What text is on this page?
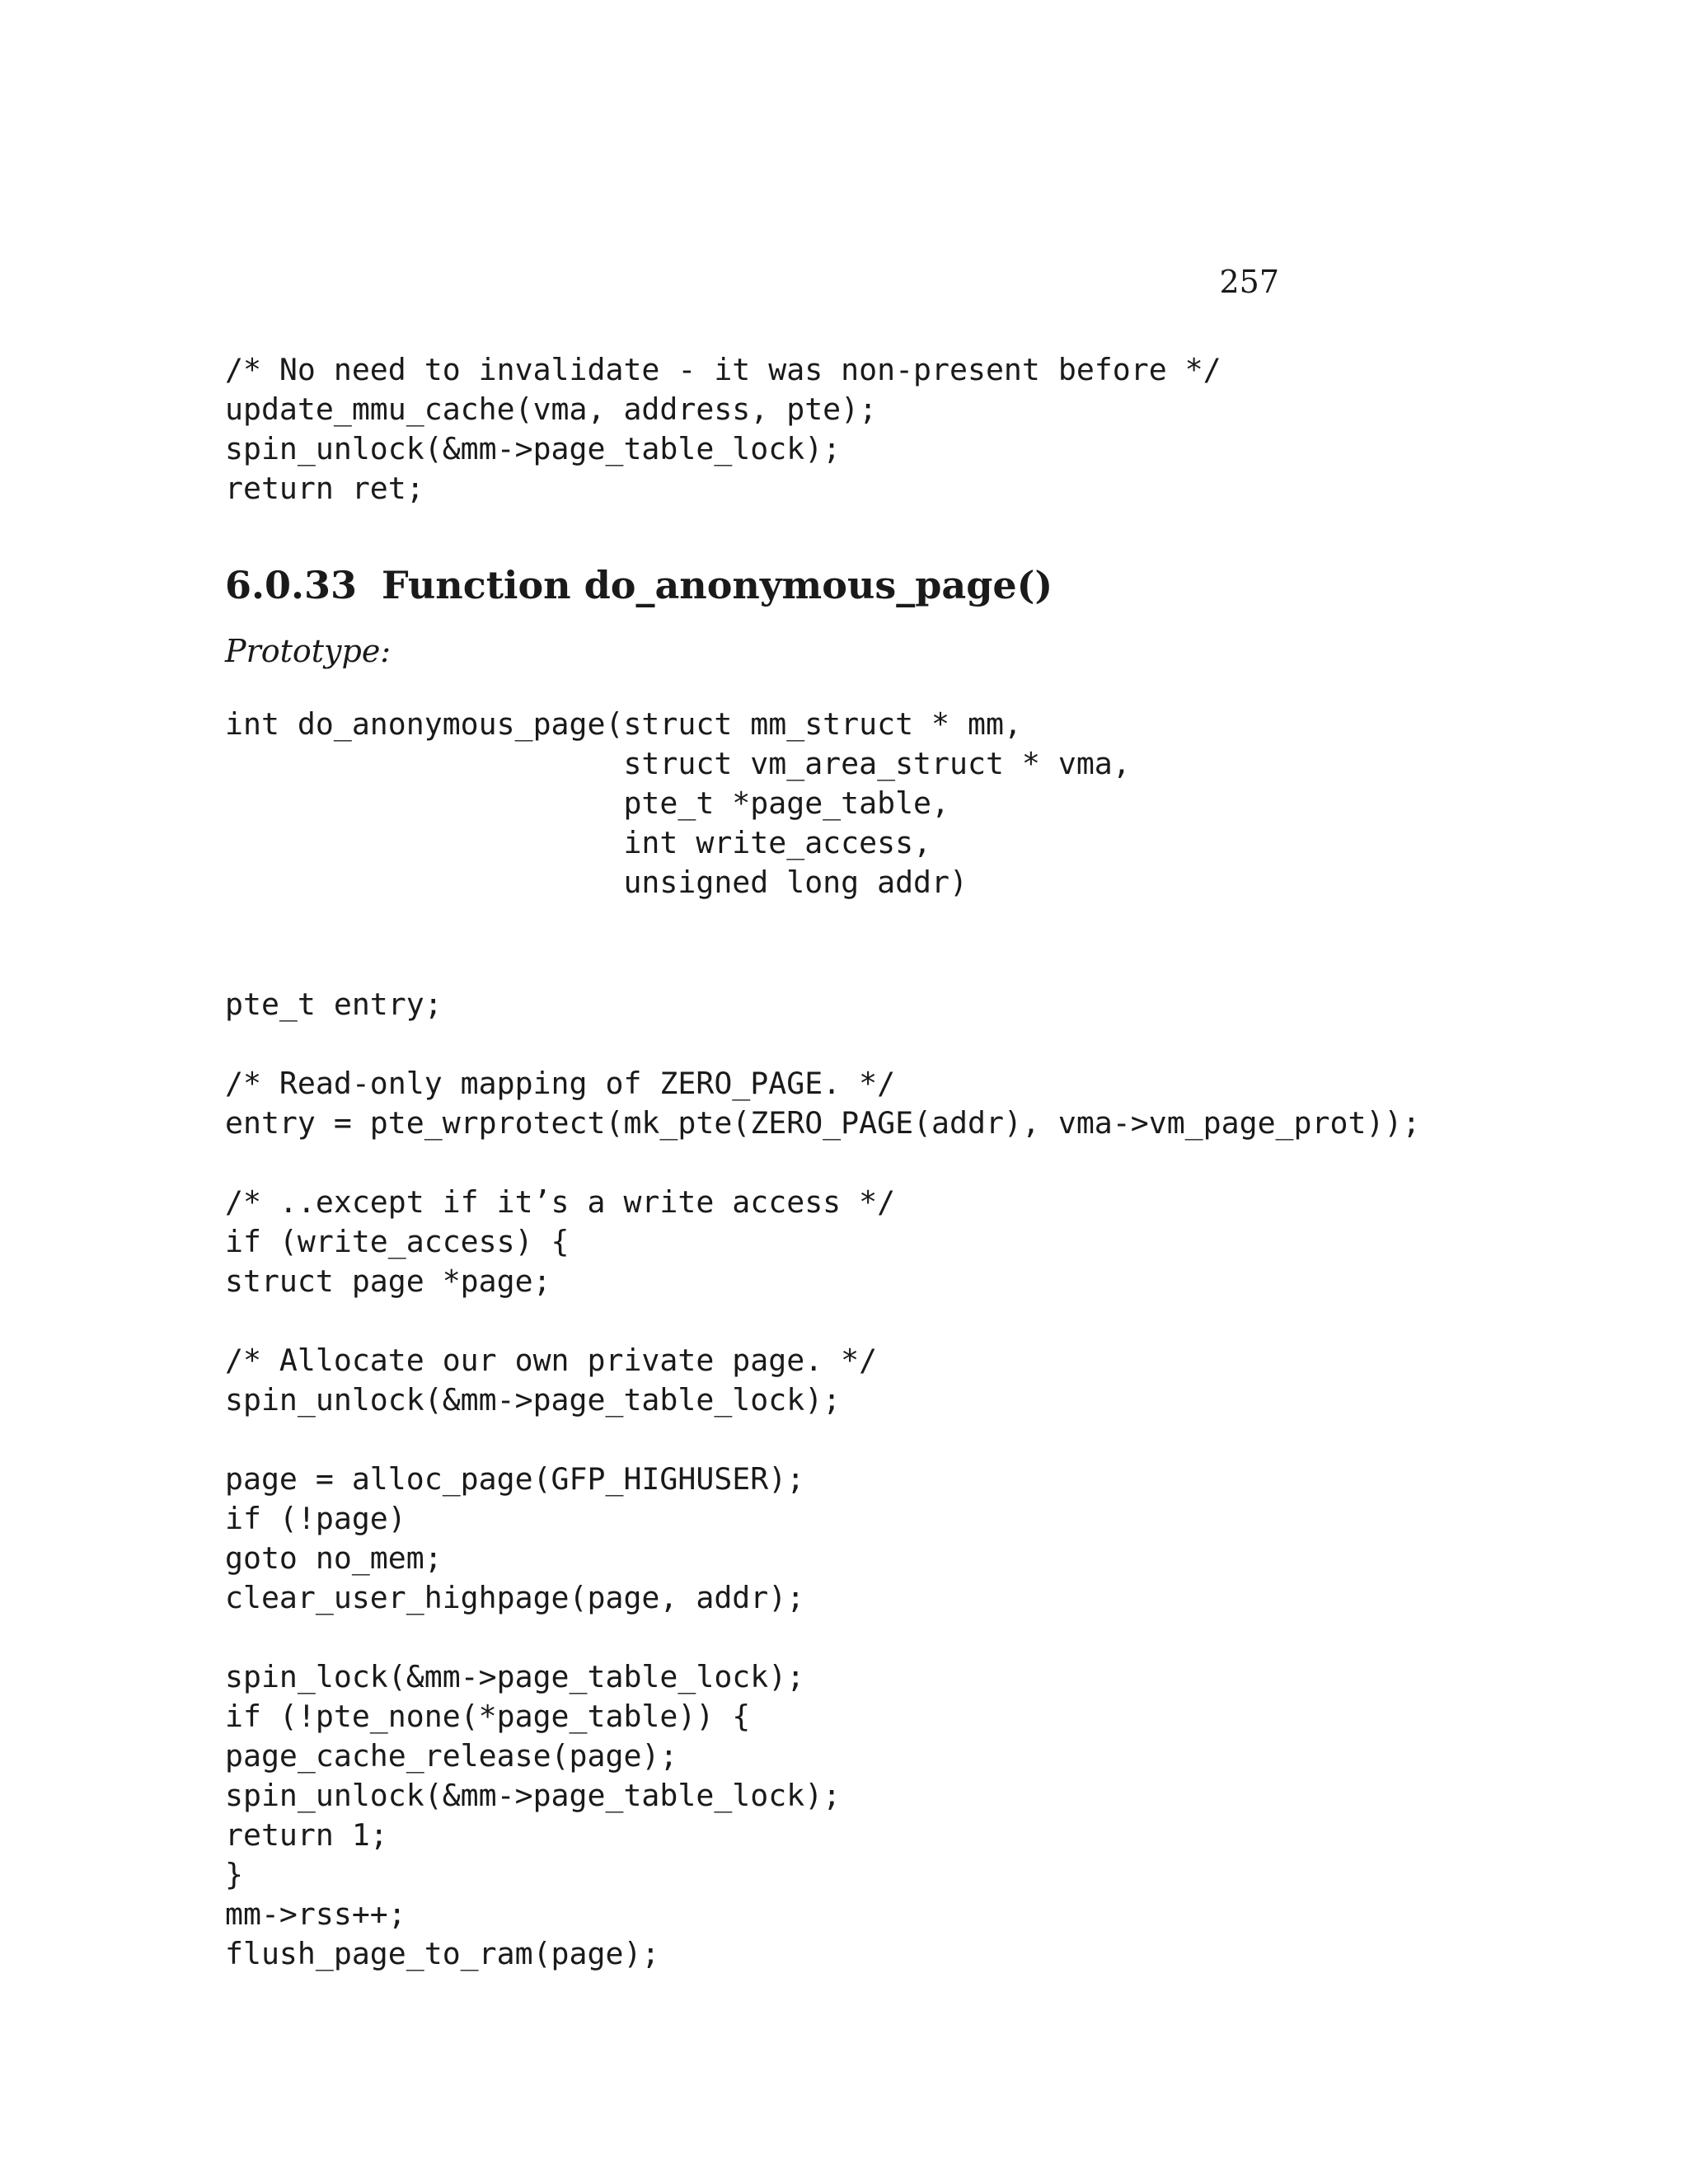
257

/* No need to invalidate - it was non-present before */
update_mmu_cache(vma, address, pte);
spin_unlock(&mm->page_table_lock);
return ret;
6.0.33 Function do_anonymous_page()

Prototype:

int do_anonymous_page(struct mm_struct * mm,
struct vm_area_struct * vma,
pte_t *page_table,
int write_access,
unsigned long addr)
pte_t entry;
/* Read-only mapping of ZERO_PAGE. */
entry = pte_wrprotect(mk_pte(ZERO_PAGE(addr), vma->vm_page_prot));
/* ..except if it’s a write access */
if (write_access) {
struct page *page;
/* Allocate our own private page. */
spin_unlock(&mm->page_table_lock);
page = alloc_page(GFP_HIGHUSER);
if (!page)
goto no_mem;
clear_user_highpage(page, addr);
spin_lock(&mm->page_table_lock);
if (!pte_none(*page_table)) {
page_cache_release(page);
spin_unlock(&mm->page_table_lock);
return 1;
}
mm->rss++;
flush_page_to_ram(page);
